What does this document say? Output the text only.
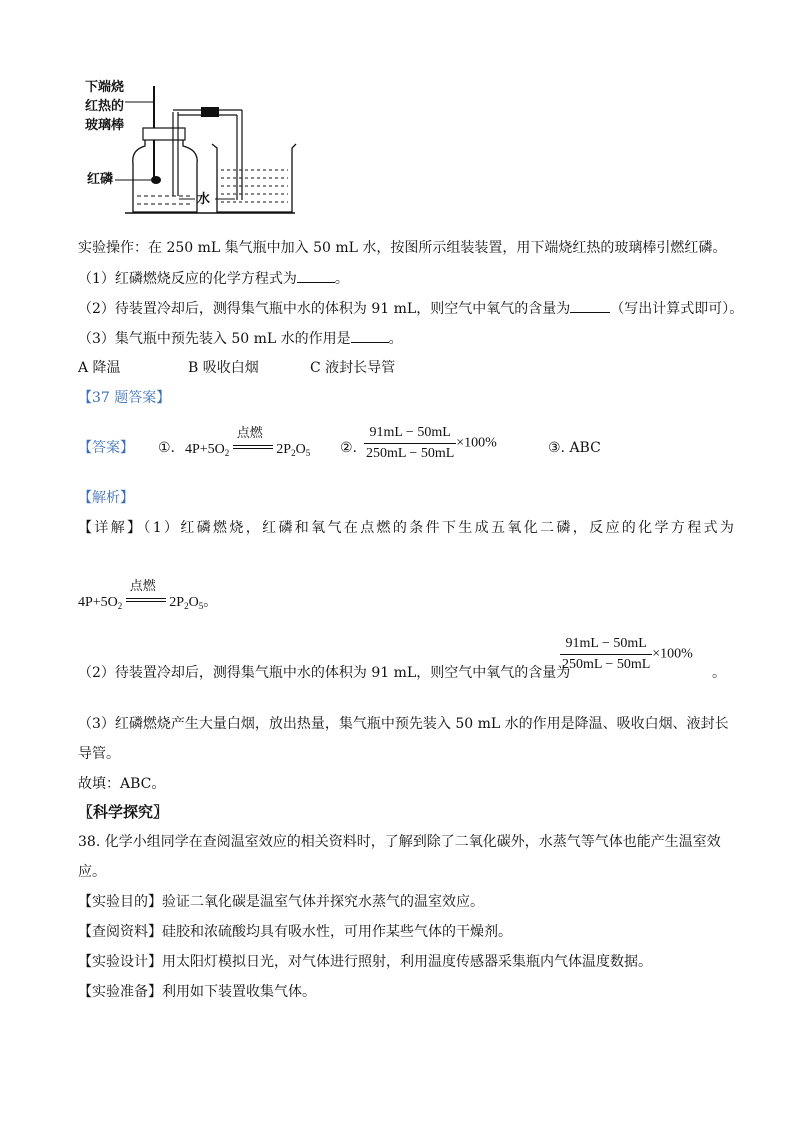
下端烧
红热的
玻璃棒
红磷
水
实验操作：在 250 mL 集气瓶中加入 50 mL 水，按图所示组装装置，用下端烧红热的玻璃棒引燃红磷。
（1）红磷燃烧反应的化学方程式为	。
（2）待装置冷却后，测得集气瓶中水的体积为 91 mL，则空气中氧气的含量为	（写出计算式即可）。
（3）集气瓶中预先装入 50 mL 水的作用是	。
A 降温	B 吸收白烟	C 液封长导管
【37 题答案】
【答案】 ①. $4P+5O_2$
点燃
$2P_2O_5$ ②. $\frac{91mL - 50mL}{250mL - 50mL} \times 100\%$	③. ABC
【解析】
【详解】（1）红磷燃烧，红磷和氧气在点燃的条件下生成五氧化二磷，反应的化学方程式为
$4P+5O_2$
点燃
$2P_2O_5$。
（2）待装置冷却后，测得集气瓶中水的体积为 91 mL，则空气中氧气的含量为
$\frac{91mL - 50mL}{250mL - 50mL} \times 100\%$
。
（3）红磷燃烧产生大量白烟，放出热量，集气瓶中预先装入 50 mL 水的作用是降温、吸收白烟、液封长
导管。
故填：ABC。
〖科学探究〗
38. 化学小组同学在查阅温室效应的相关资料时，了解到除了二氧化碳外，水蒸气等气体也能产生温室效
应。
【实验目的】验证二氧化碳是温室气体并探究水蒸气的温室效应。
【查阅资料】硅胶和浓硫酸均具有吸水性，可用作某些气体的干燥剂。
【实验设计】用太阳灯模拟日光，对气体进行照射，利用温度传感器采集瓶内气体温度数据。
【实验准备】利用如下装置收集气体。
